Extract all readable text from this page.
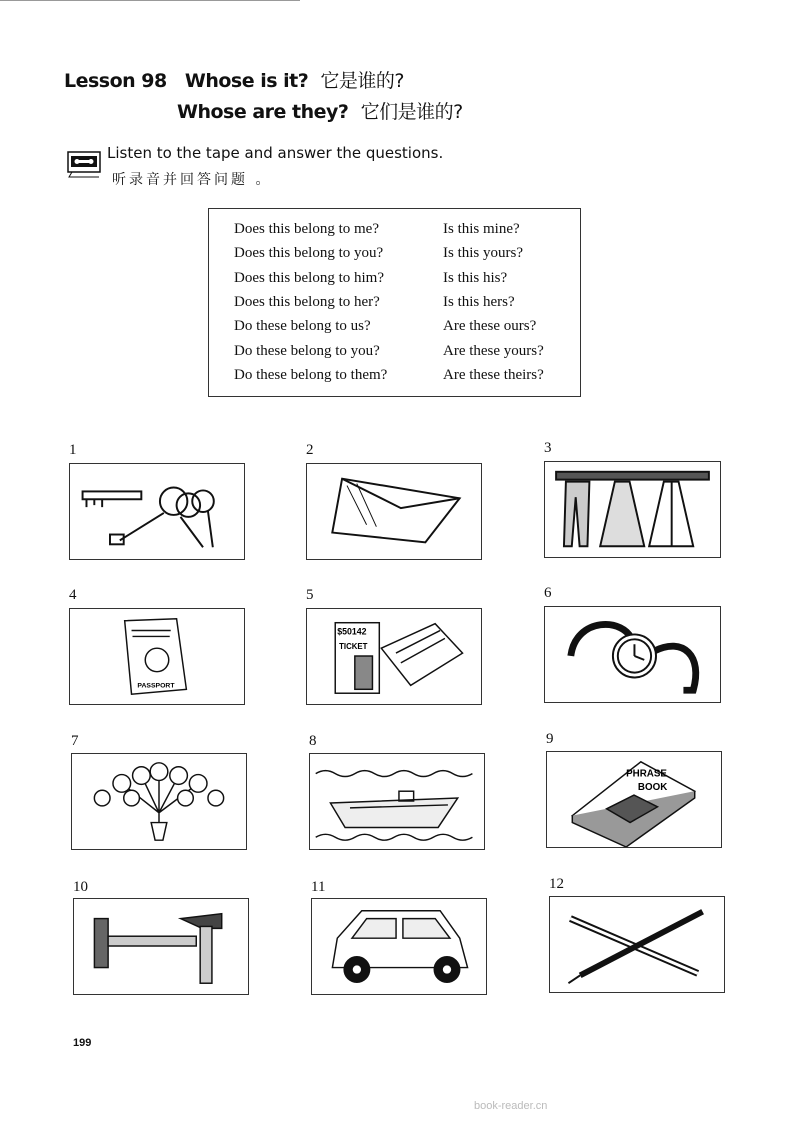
Lesson 98 Whose is it? 它是谁的?
Whose are they? 它们是谁的?
Listen to the tape and answer the questions.
听录音并回答问题 。
Does this belong to me?	Is this mine?
Does this belong to you?	Is this yours?
Does this belong to him?	Is this his?
Does this belong to her?	Is this hers?
Do these belong to us?	Are these ours?
Do these belong to you?	Are these yours?
Do these belong to them?	Are these theirs?
1	2	3
4
PASSPORT
5
$50142
TICKET
6
7	8	9
PHRASE
BOOK
10	11	12
199
book-reader.cn
